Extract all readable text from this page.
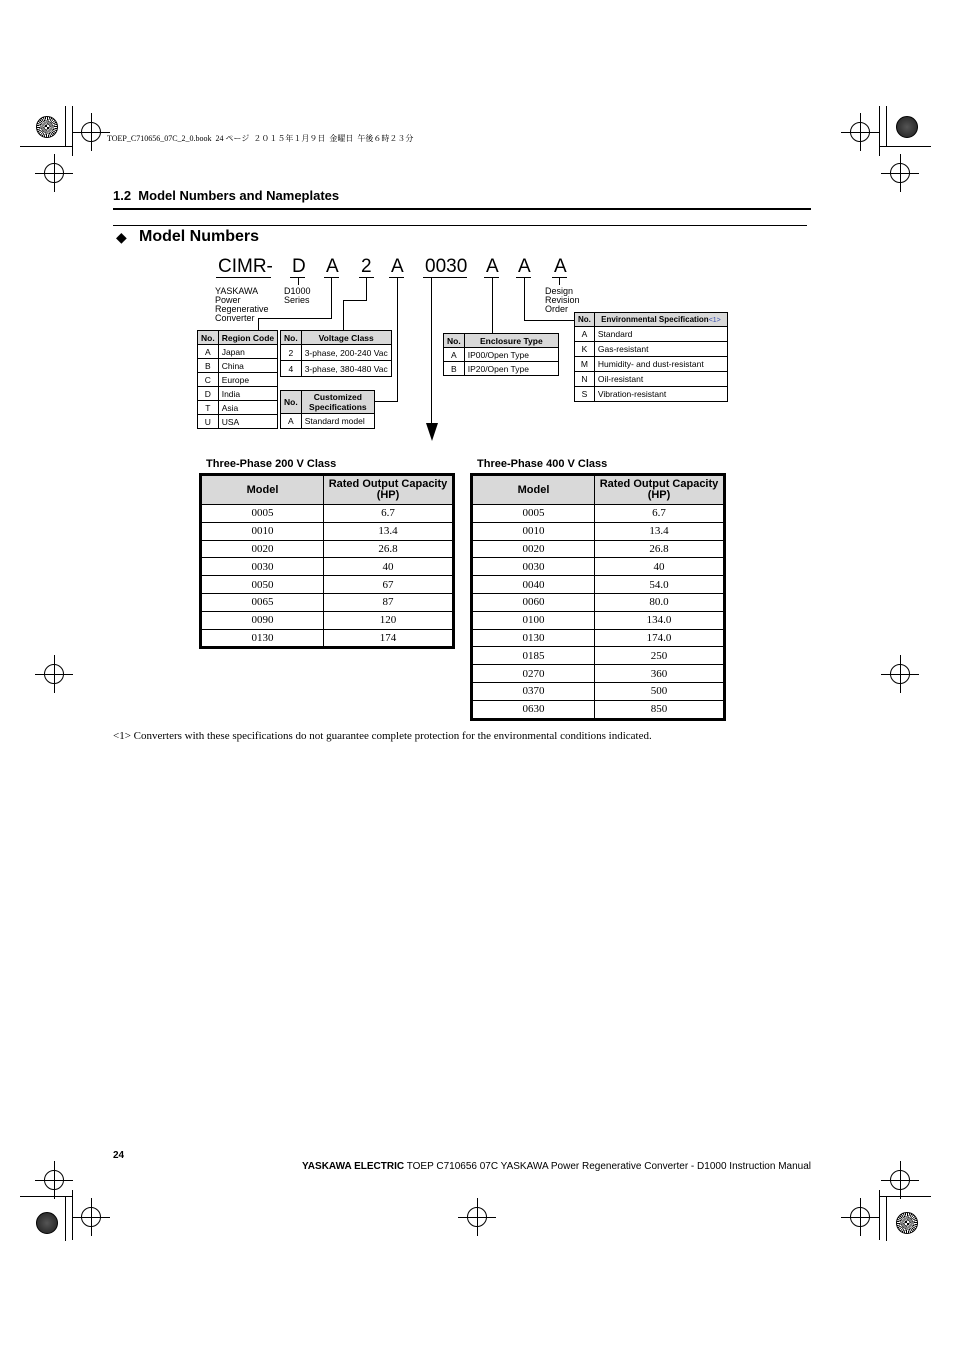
TOEP_C710656_07C_2_0.book  24 ページ  ２０１５年１月９日  金曜日  午後６時２３分
1.2  Model Numbers and Nameplates
◆ Model Numbers
CIMR- D A 2 A 0030 A A A
YASKAWA
Power
Regenerative
Converter
D1000
Series
Design
Revision
Order
No.	Region Code
A	Japan
B	China
C	Europe
D	India
T	Asia
U	USA
No.	Voltage Class
2	3-phase, 200-240 Vac
4	3-phase, 380-480 Vac
No.	Customized Specifications
A	Standard model
No.	Enclosure Type
A	IP00/Open Type
B	IP20/Open Type
No.	Environmental Specification<1>
A	Standard
K	Gas-resistant
M	Humidity- and dust-resistant
N	Oil-resistant
S	Vibration-resistant
Three-Phase 200 V Class
Model	Rated Output Capacity (HP)
0005	6.7
0010	13.4
0020	26.8
0030	40
0050	67
0065	87
0090	120
0130	174
Three-Phase 400 V Class
Model	Rated Output Capacity (HP)
0005	6.7
0010	13.4
0020	26.8
0030	40
0040	54.0
0060	80.0
0100	134.0
0130	174.0
0185	250
0270	360
0370	500
0630	850
<1> Converters with these specifications do not guarantee complete protection for the environmental conditions indicated.
24

YASKAWA ELECTRIC TOEP C710656 07C YASKAWA Power Regenerative Converter - D1000 Instruction Manual
